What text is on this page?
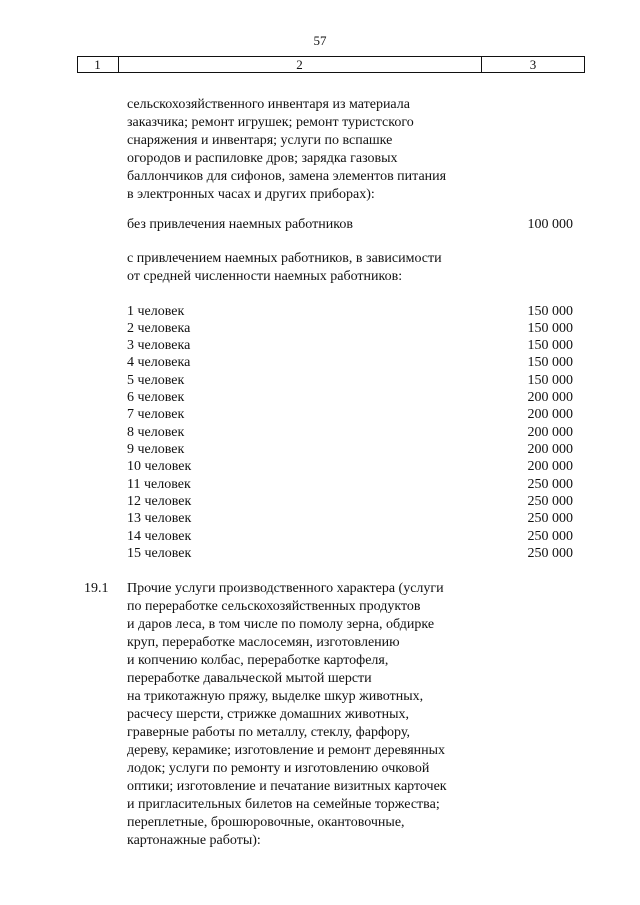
57
1	2	3
сельскохозяйственного инвентаря из материала
заказчика; ремонт игрушек; ремонт туристского
снаряжения и инвентаря; услуги по вспашке
огородов и распиловке дров; зарядка газовых
баллончиков для сифонов, замена элементов питания
в электронных часах и других приборах):
без привлечения наемных работников	100 000
с привлечением наемных работников, в зависимости
от средней численности наемных работников:
1 человек	150 000
2 человека	150 000
3 человека	150 000
4 человека	150 000
5 человек	150 000
6 человек	200 000
7 человек	200 000
8 человек	200 000
9 человек	200 000
10 человек	200 000
11 человек	250 000
12 человек	250 000
13 человек	250 000
14 человек	250 000
15 человек	250 000
19.1 Прочие услуги производственного характера (услуги
по переработке сельскохозяйственных продуктов
и даров леса, в том числе по помолу зерна, обдирке
круп, переработке маслосемян, изготовлению
и копчению колбас, переработке картофеля,
переработке давальческой мытой шерсти
на трикотажную пряжу, выделке шкур животных,
расчесу шерсти, стрижке домашних животных,
граверные работы по металлу, стеклу, фарфору,
дереву, керамике; изготовление и ремонт деревянных
лодок; услуги по ремонту и изготовлению очковой
оптики; изготовление и печатание визитных карточек
и пригласительных билетов на семейные торжества;
переплетные, брошюровочные, окантовочные,
картонажные работы):
